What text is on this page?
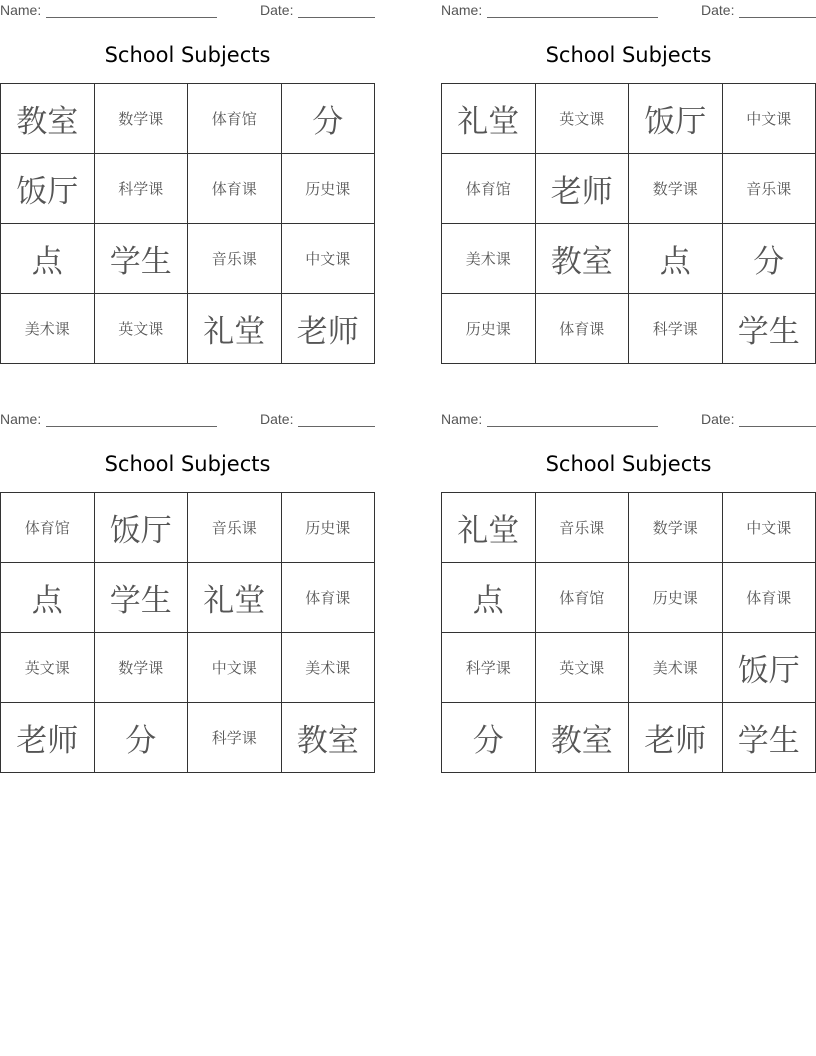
Name:	Date:
School Subjects
教室	数学课	体育馆	分
饭厅	科学课	体育课	历史课
点	学生	音乐课	中文课
美术课	英文课	礼堂	老师
Name:	Date:
School Subjects
礼堂	英文课	饭厅	中文课
体育馆	老师	数学课	音乐课
美术课	教室	点	分
历史课	体育课	科学课	学生
Name:	Date:
School Subjects
体育馆	饭厅	音乐课	历史课
点	学生	礼堂	体育课
英文课	数学课	中文课	美术课
老师	分	科学课	教室
Name:	Date:
School Subjects
礼堂	音乐课	数学课	中文课
点	体育馆	历史课	体育课
科学课	英文课	美术课	饭厅
分	教室	老师	学生
